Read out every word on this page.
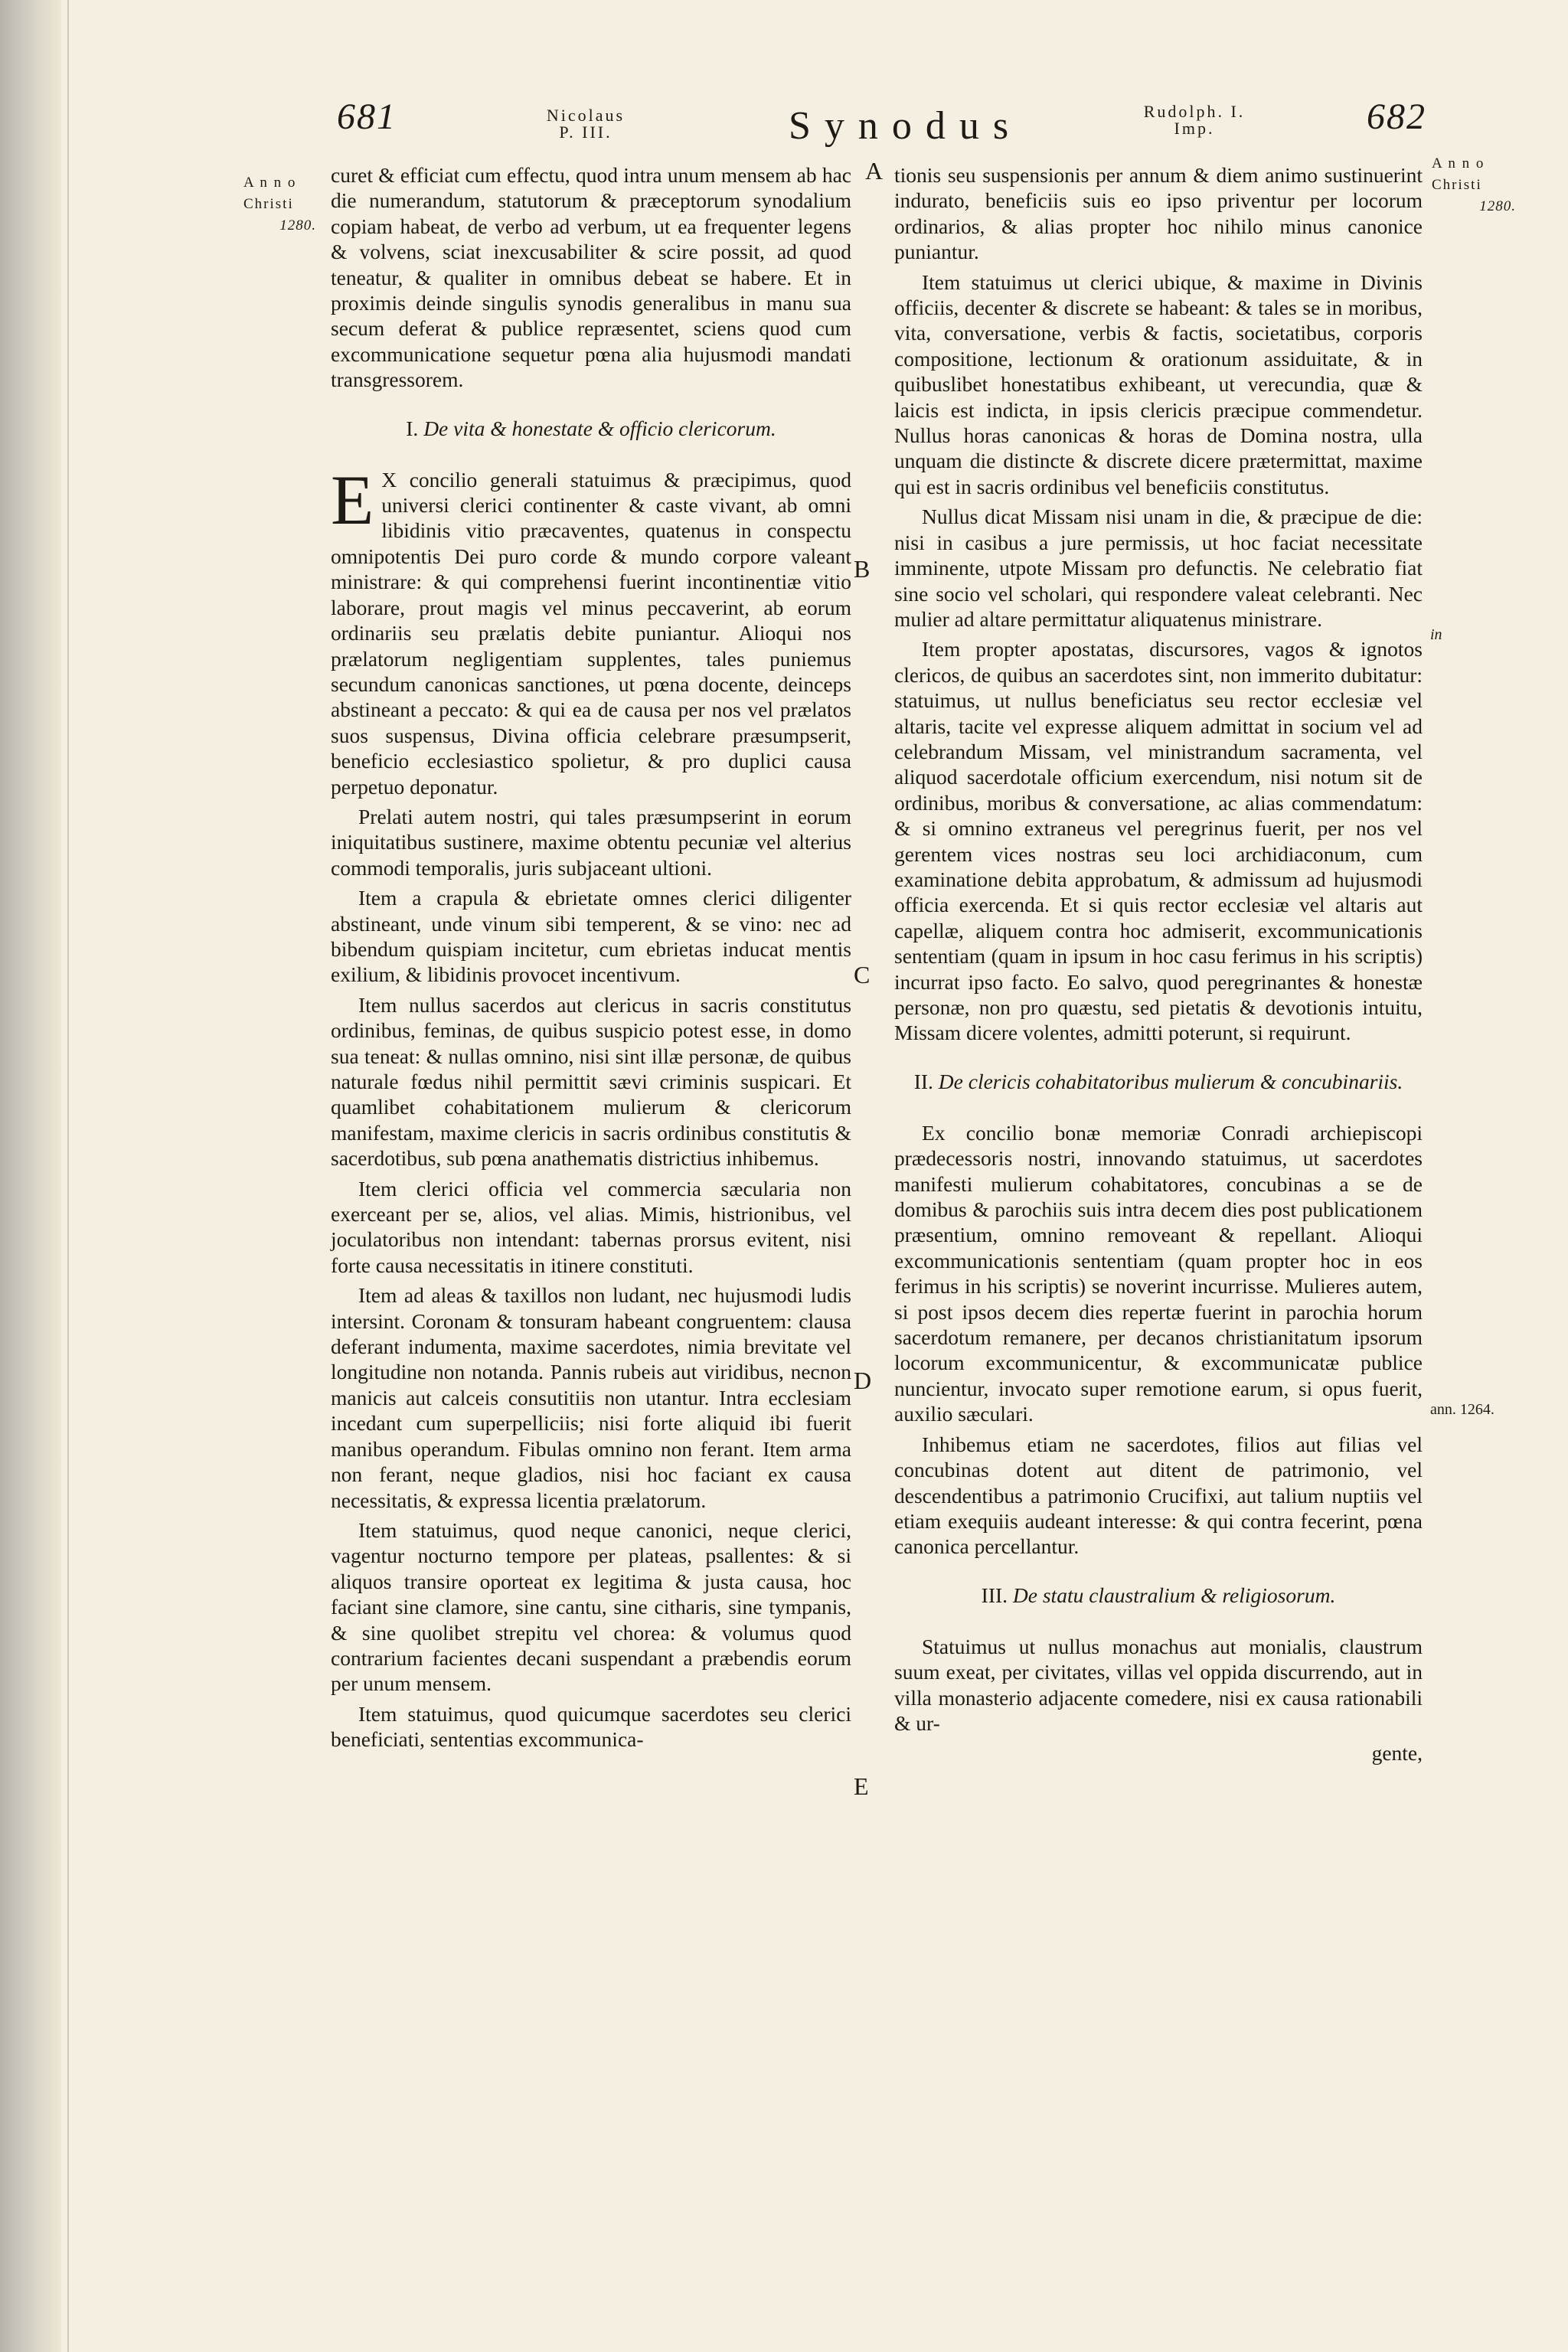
681	Nicolaus
P. III.	Synodus	Rudolph. I.
Imp.	682
A n n o
Christi

1280.
A n n o
Christi

1280.
in
ann. 1264.
A
B
C
D
E

curet & efficiat cum effectu, quod intra unum mensem ab hac die numerandum, statutorum & præceptorum synodalium copiam habeat, de verbo ad verbum, ut ea frequenter legens & volvens, sciat inexcusabiliter & scire possit, ad quod teneatur, & qualiter in omnibus debeat se habere. Et in proximis deinde singulis synodis generalibus in manu sua secum deferat & publice repræsentet, sciens quod cum excommunicatione sequetur pœna alia hujusmodi mandati transgressorem.

I. De vita & honestate & officio clericorum.

E X concilio generali statuimus & præcipimus, quod universi clerici continenter & caste vivant, ab omni libidinis vitio præcaventes, quatenus in conspectu omnipotentis Dei puro corde & mundo corpore valeant ministrare: & qui comprehensi fuerint incontinentiæ vitio laborare, prout magis vel minus peccaverint, ab eorum ordinariis seu prælatis debite puniantur. Alioqui nos prælatorum negligentiam supplentes, tales puniemus secundum canonicas sanctiones, ut pœna docente, deinceps abstineant a peccato: & qui ea de causa per nos vel prælatos suos suspensus, Divina officia celebrare præsumpserit, beneficio ecclesiastico spolietur, & pro duplici causa perpetuo deponatur.

Prelati autem nostri, qui tales præsumpserint in eorum iniquitatibus sustinere, maxime obtentu pecuniæ vel alterius commodi temporalis, juris subjaceant ultioni.

Item a crapula & ebrietate omnes clerici diligenter abstineant, unde vinum sibi temperent, & se vino: nec ad bibendum quispiam incitetur, cum ebrietas inducat mentis exilium, & libidinis provocet incentivum.

Item nullus sacerdos aut clericus in sacris constitutus ordinibus, feminas, de quibus suspicio potest esse, in domo sua teneat: & nullas omnino, nisi sint illæ personæ, de quibus naturale fœdus nihil permittit sævi criminis suspicari. Et quamlibet cohabitationem mulierum & clericorum manifestam, maxime clericis in sacris ordinibus constitutis & sacerdotibus, sub pœna anathematis districtius inhibemus.

Item clerici officia vel commercia sæcularia non exerceant per se, alios, vel alias. Mimis, histrionibus, vel joculatoribus non intendant: tabernas prorsus evitent, nisi forte causa necessitatis in itinere constituti.

Item ad aleas & taxillos non ludant, nec hujusmodi ludis intersint. Coronam & tonsuram habeant congruentem: clausa deferant indumenta, maxime sacerdotes, nimia brevitate vel longitudine non notanda. Pannis rubeis aut viridibus, necnon manicis aut calceis consutitiis non utantur. Intra ecclesiam incedant cum superpelliciis; nisi forte aliquid ibi fuerit manibus operandum. Fibulas omnino non ferant. Item arma non ferant, neque gladios, nisi hoc faciant ex causa necessitatis, & expressa licentia prælatorum.

Item statuimus, quod neque canonici, neque clerici, vagentur nocturno tempore per plateas, psallentes: & si aliquos transire oporteat ex legitima & justa causa, hoc faciant sine clamore, sine cantu, sine citharis, sine tympanis, & sine quolibet strepitu vel chorea: & volumus quod contrarium facientes decani suspendant a præbendis eorum per unum mensem.

Item statuimus, quod quicumque sacerdotes seu clerici beneficiati, sententias excommunica-

tionis seu suspensionis per annum & diem animo sustinuerint indurato, beneficiis suis eo ipso priventur per locorum ordinarios, & alias propter hoc nihilo minus canonice puniantur.

Item statuimus ut clerici ubique, & maxime in Divinis officiis, decenter & discrete se habeant: & tales se in moribus, vita, conversatione, verbis & factis, societatibus, corporis compositione, lectionum & orationum assiduitate, & in quibuslibet honestatibus exhibeant, ut verecundia, quæ & laicis est indicta, in ipsis clericis præcipue commendetur. Nullus horas canonicas & horas de Domina nostra, ulla unquam die distincte & discrete dicere prætermittat, maxime qui est in sacris ordinibus vel beneficiis constitutus.

Nullus dicat Missam nisi unam in die, & præcipue de die: nisi in casibus a jure permissis, ut hoc faciat necessitate imminente, utpote Missam pro defunctis. Ne celebratio fiat sine socio vel scholari, qui respondere valeat celebranti. Nec mulier ad altare permittatur aliquatenus ministrare.

Item propter apostatas, discursores, vagos & ignotos clericos, de quibus an sacerdotes sint, non immerito dubitatur: statuimus, ut nullus beneficiatus seu rector ecclesiæ vel altaris, tacite vel expresse aliquem admittat in socium vel ad celebrandum Missam, vel ministrandum sacramenta, vel aliquod sacerdotale officium exercendum, nisi notum sit de ordinibus, moribus & conversatione, ac alias commendatum: & si omnino extraneus vel peregrinus fuerit, per nos vel gerentem vices nostras seu loci archidiaconum, cum examinatione debita approbatum, & admissum ad hujusmodi officia exercenda. Et si quis rector ecclesiæ vel altaris aut capellæ, aliquem contra hoc admiserit, excommunicationis sententiam (quam in ipsum in hoc casu ferimus in his scriptis) incurrat ipso facto. Eo salvo, quod peregrinantes & honestæ personæ, non pro quæstu, sed pietatis & devotionis intuitu, Missam dicere volentes, admitti poterunt, si requirunt.

II. De clericis cohabitatoribus mulierum & concubinariis.

Ex concilio bonæ memoriæ Conradi archiepiscopi prædecessoris nostri, innovando statuimus, ut sacerdotes manifesti mulierum cohabitatores, concubinas a se de domibus & parochiis suis intra decem dies post publicationem præsentium, omnino removeant & repellant. Alioqui excommunicationis sententiam (quam propter hoc in eos ferimus in his scriptis) se noverint incurrisse. Mulieres autem, si post ipsos decem dies repertæ fuerint in parochia horum sacerdotum remanere, per decanos christianitatum ipsorum locorum excommunicentur, & excommunicatæ publice nuncientur, invocato super remotione earum, si opus fuerit, auxilio sæculari.

Inhibemus etiam ne sacerdotes, filios aut filias vel concubinas dotent aut ditent de patrimonio, vel descendentibus a patrimonio Crucifixi, aut talium nuptiis vel etiam exequiis audeant interesse: & qui contra fecerint, pœna canonica percellantur.

III. De statu claustralium & religiosorum.

Statuimus ut nullus monachus aut monialis, claustrum suum exeat, per civitates, villas vel oppida discurrendo, aut in villa monasterio adjacente comedere, nisi ex causa rationabili & ur-

gente,
